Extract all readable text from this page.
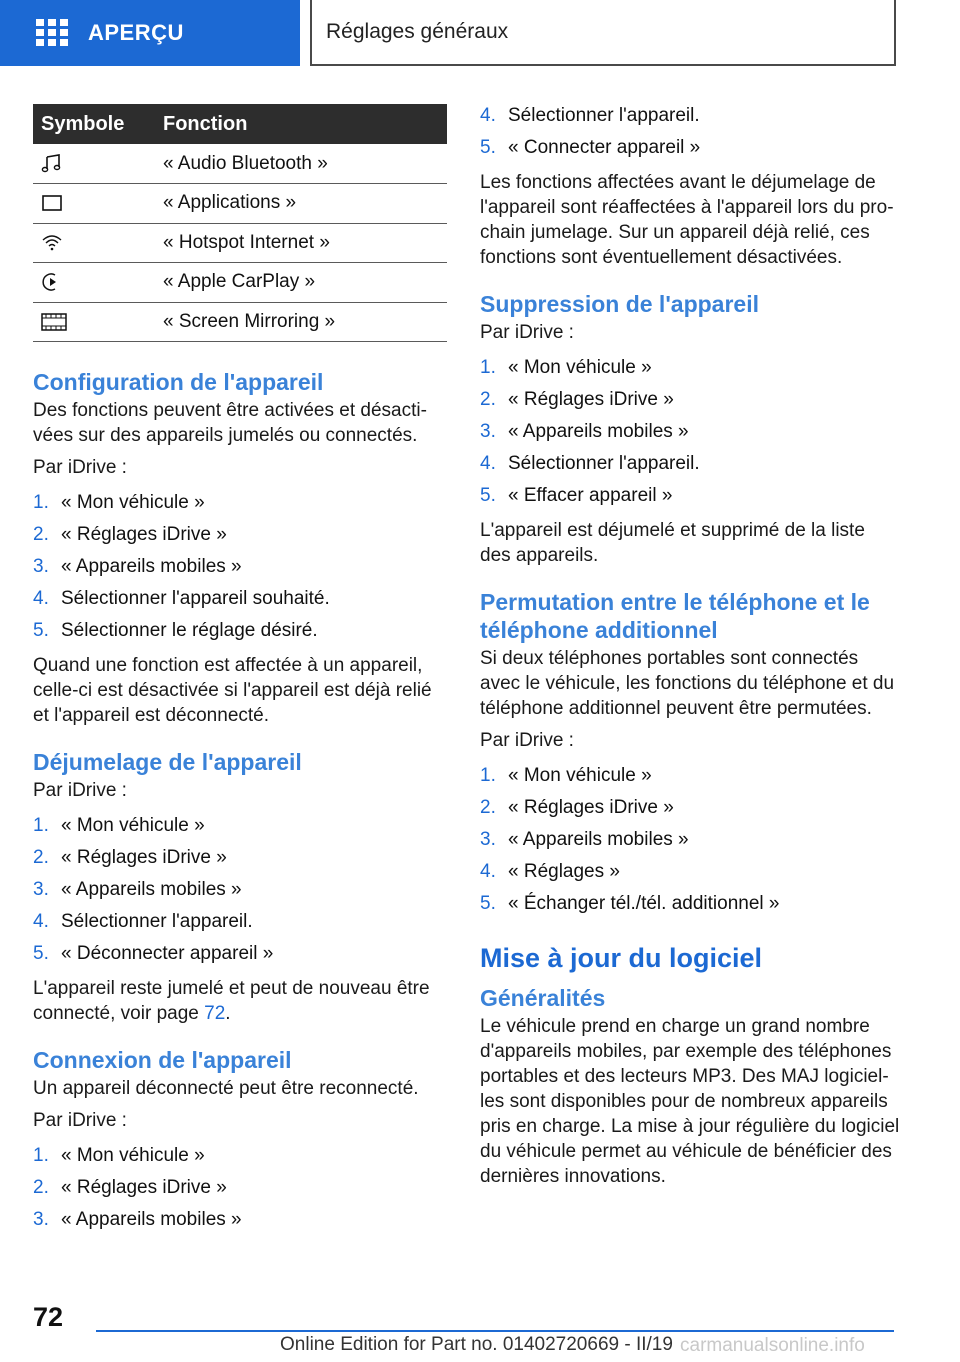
APERÇU	Réglages généraux
Symbole	Fonction
	« Audio Bluetooth »
	« Applications »
	« Hotspot Internet »
	« Apple CarPlay »
	« Screen Mirroring »
Configuration de l'appareil

Des fonctions peuvent être activées et désactivées sur des appareils jumelés ou connectés.

Par iDrive :

1. « Mon véhicule »
2. « Réglages iDrive »
3. « Appareils mobiles »
4. Sélectionner l'appareil souhaité.
5. Sélectionner le réglage désiré.

Quand une fonction est affectée à un appareil, celle-ci est désactivée si l'appareil est déjà relié et l'appareil est déconnecté.

Déjumelage de l'appareil

Par iDrive :

1. « Mon véhicule »
2. « Réglages iDrive »
3. « Appareils mobiles »
4. Sélectionner l'appareil.
5. « Déconnecter appareil »

L'appareil reste jumelé et peut de nouveau être connecté, voir page 72.

Connexion de l'appareil

Un appareil déconnecté peut être reconnecté.

Par iDrive :

1. « Mon véhicule »
2. « Réglages iDrive »
3. « Appareils mobiles »
4. Sélectionner l'appareil.
5. « Connecter appareil »

Les fonctions affectées avant le déjumelage de l'appareil sont réaffectées à l'appareil lors du prochain jumelage. Sur un appareil déjà relié, ces fonctions sont éventuellement désactivées.

Suppression de l'appareil

Par iDrive :

1. « Mon véhicule »
2. « Réglages iDrive »
3. « Appareils mobiles »
4. Sélectionner l'appareil.
5. « Effacer appareil »

L'appareil est déjumelé et supprimé de la liste des appareils.

Permutation entre le téléphone et le téléphone additionnel

Si deux téléphones portables sont connectés avec le véhicule, les fonctions du téléphone et du téléphone additionnel peuvent être permutées.

Par iDrive :

1. « Mon véhicule »
2. « Réglages iDrive »
3. « Appareils mobiles »
4. « Réglages »
5. « Échanger tél./tél. additionnel »
Mise à jour du logiciel
Généralités

Le véhicule prend en charge un grand nombre d'appareils mobiles, par exemple des téléphones portables et des lecteurs MP3. Des MAJ logicielles sont disponibles pour de nombreux appareils pris en charge. La mise à jour régulière du logiciel du véhicule permet au véhicule de bénéficier des dernières innovations.

72
Online Edition for Part no. 01402720669 - II/19 carmanualsonline.info
